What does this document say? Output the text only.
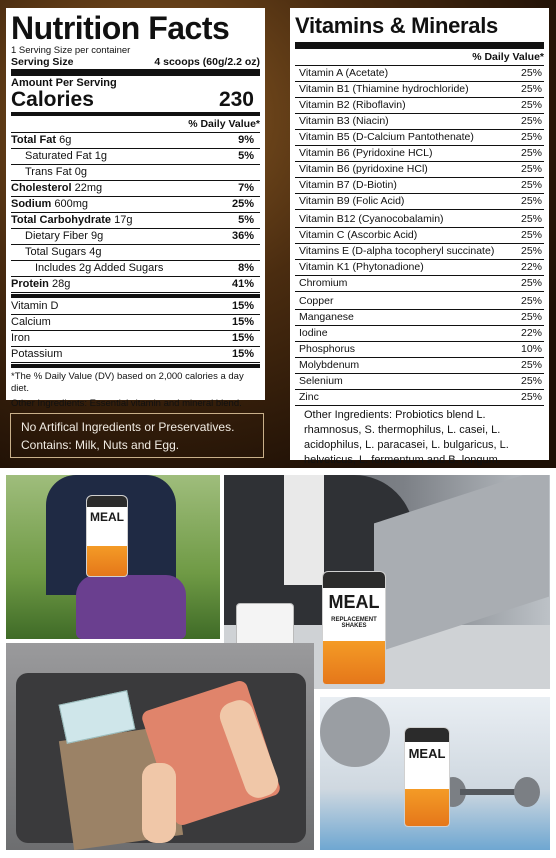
Nutrition Facts
1 Serving Size per container
Serving Size	4 scoops (60g/2.2 oz)
Amount Per Serving
Calories	230
% Daily Value*
Total Fat 6g	9%
Saturated Fat 1g	5%
Trans Fat 0g
Cholesterol 22mg	7%
Sodium 600mg	25%
Total Carbohydrate 17g	5%
Dietary Fiber 9g	36%
Total Sugars 4g
Includes 2g Added Sugars	8%
Protein 28g	41%
Vitamin D	15%
Calcium	15%
Iron	15%
Potassium	15%
*The % Daily Value (DV) based on 2,000 calories a day diet.
Other Ingredients: Essential vitamin and mineral blend.
No Artifical Ingredients or Preservatives.
Contains: Milk, Nuts and Egg.
Vitamins & Minerals
% Daily Value*
Vitamin A (Acetate)	25%
Vitamin B1 (Thiamine hydrochloride)	25%
Vitamin B2 (Riboflavin)	25%
Vitamin B3 (Niacin)	25%
Vitamin B5 (D-Calcium Pantothenate)	25%
Vitamin B6 (Pyridoxine HCL)	25%
Vitamin B6 (pyridoxine HCl)	25%
Vitamin B7 (D-Biotin)	25%
Vitamin B9 (Folic Acid)	25%
Vitamin B12 (Cyanocobalamin)	25%
Vitamin C (Ascorbic Acid)	25%
Vitamins E (D-alpha tocopheryl succinate)	25%
Vitamin K1 (Phytonadione)	22%
Chromium	25%
Copper	25%
Manganese	25%
Iodine	22%
Phosphorus	10%
Molybdenum	25%
Selenium	25%
Zinc	25%
Other Ingredients: Probiotics blend L. rhamnosus, S. thermophilus, L. casei, L. acidophilus, L. paracasei, L. bulgaricus, L. helveticus, L. fermentum and B. longum.
MEAL
MEAL
REPLACEMENT SHAKES
MEAL
